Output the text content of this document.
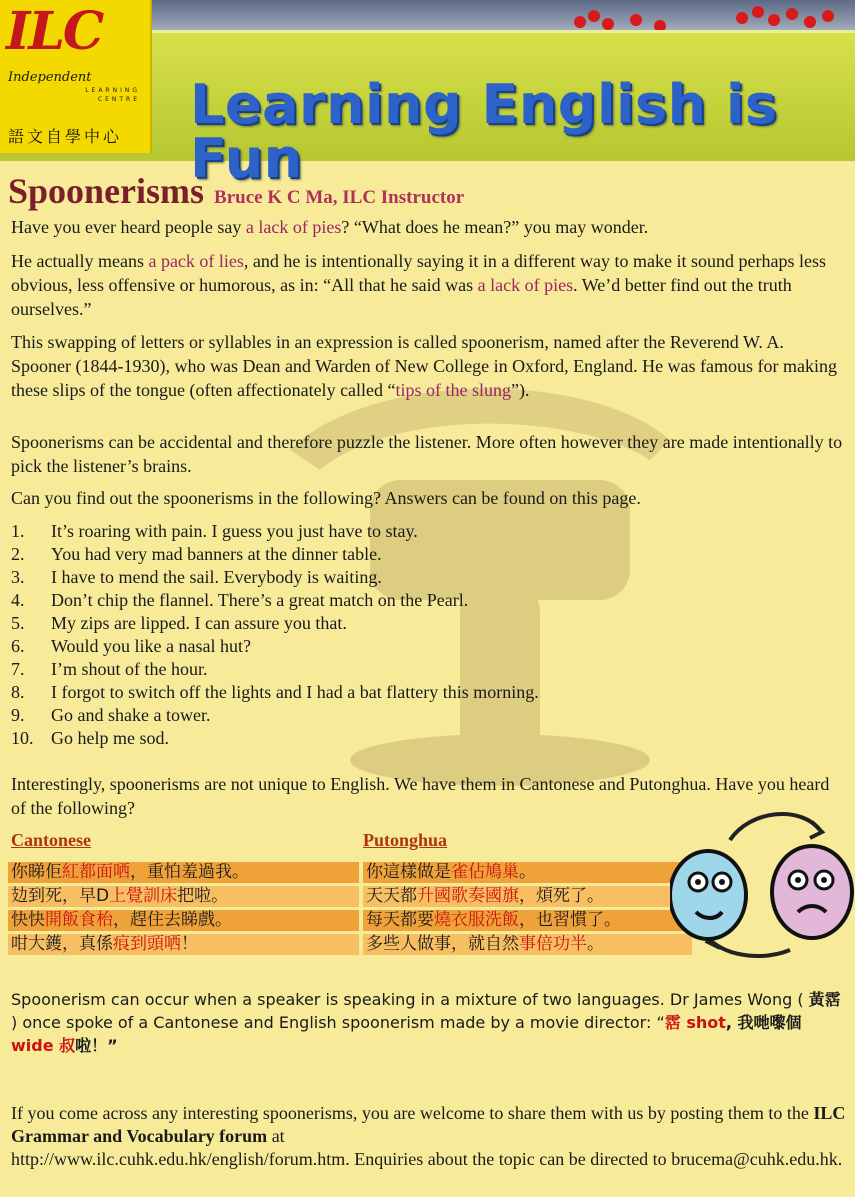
Learning English is Fun
ILC
Independent
LEARNING
CENTRE
語文自學中心
Spoonerisms Bruce K C Ma, ILC Instructor

Have you ever heard people say a lack of pies? “What does he mean?” you may wonder.

He actually means a pack of lies, and he is intentionally saying it in a different way to make it sound perhaps less obvious, less offensive or humorous, as in: “All that he said was a lack of pies. We’d better find out the truth ourselves.”

This swapping of letters or syllables in an expression is called spoonerism, named after the Reverend W. A. Spooner (1844-1930), who was Dean and Warden of New College in Oxford, England. He was famous for making these slips of the tongue (often affectionately called “tips of the slung”).

Spoonerisms can be accidental and therefore puzzle the listener. More often however they are made intentionally to pick the listener’s brains.

Can you find out the spoonerisms in the following? Answers can be found on this page.

1.	It’s roaring with pain. I guess you just have to stay.
2.	You had very mad banners at the dinner table.
3.	I have to mend the sail. Everybody is waiting.
4.	Don’t chip the flannel. There’s a great match on the Pearl.
5.	My zips are lipped. I can assure you that.
6.	Would you like a nasal hut?
7.	I’m shout of the hour.
8.	I forgot to switch off the lights and I had a bat flattery this morning.
9.	Go and shake a tower.
10. Go help me sod.

Interestingly, spoonerisms are not unique to English. We have them in Cantonese and Putonghua. Have you heard of the following?

Cantonese	Putonghua
你睇佢紅都面哂，重怕羞過我。	你這樣做是雀佔鳩巢。
攰到死，早D上覺訓床把啦。	天天都升國歌奏國旗，煩死了。
快快開飯食枱，趕住去睇戲。	每天都要燒衣服洗飯，也習慣了。
咁大鑊，真係痕到頭哂！	多些人做事，就自然事倍功半。

Spoonerism can occur when a speaker is speaking in a mixture of two languages. Dr James Wong ( 黃霑 ) once spoke of a Cantonese and English spoonerism made by a movie director: “霑 shot, 我哋嚟個 wide 叔啦！”

If you come across any interesting spoonerisms, you are welcome to share them with us by posting them to the ILC Grammar and Vocabulary forum at
http://www.ilc.cuhk.edu.hk/english/forum.htm. Enquiries about the topic can be directed to brucema@cuhk.edu.hk.
